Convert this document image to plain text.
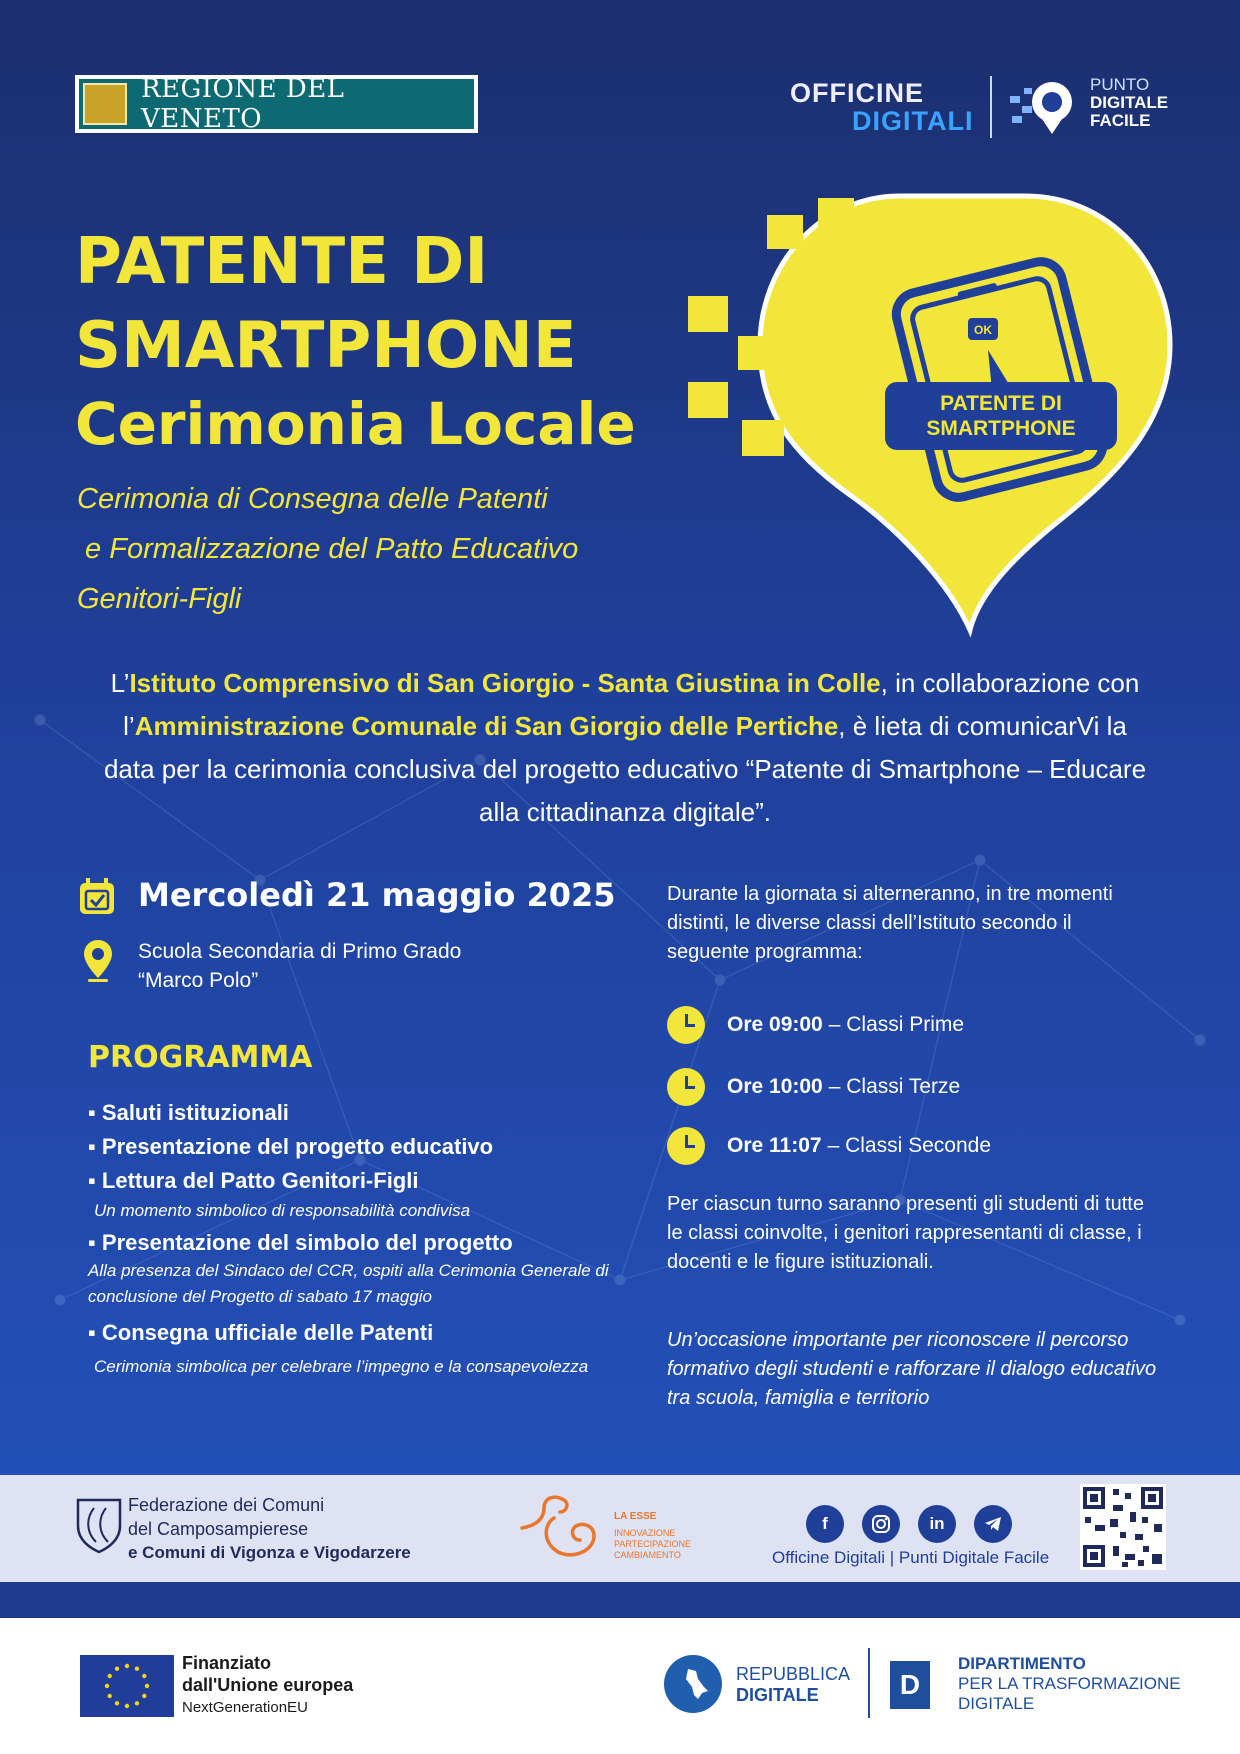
REGIONE DEL VENETO
OFFICINE
DIGITALI
PUNTO
DIGITALE
FACILE
PATENTE DI
SMARTPHONE
Cerimonia Locale
Cerimonia di Consegna delle Patenti
e Formalizzazione del Patto Educativo
Genitori-Figli
OK
PATENTE DI
SMARTPHONE
L’Istituto Comprensivo di San Giorgio - Santa Giustina in Colle, in collaborazione con l’Amministrazione Comunale di San Giorgio delle Pertiche, è lieta di comunicarVi la data per la cerimonia conclusiva del progetto educativo “Patente di Smartphone – Educare alla cittadinanza digitale”.
Mercoledì 21 maggio 2025
Scuola Secondaria di Primo Grado
“Marco Polo”
PROGRAMMA
▪ Saluti istituzionali
▪ Presentazione del progetto educativo
▪ Lettura del Patto Genitori-Figli
Un momento simbolico di responsabilità condivisa
▪ Presentazione del simbolo del progetto
Alla presenza del Sindaco del CCR, ospiti alla Cerimonia Generale di conclusione del Progetto di sabato 17 maggio
▪ Consegna ufficiale delle Patenti
Cerimonia simbolica per celebrare l’impegno e la consapevolezza
Durante la giornata si alterneranno, in tre momenti distinti, le diverse classi dell’Istituto secondo il seguente programma:
Ore 09:00 – Classi Prime
Ore 10:00 – Classi Terze
Ore 11:07 – Classi Seconde
Per ciascun turno saranno presenti gli studenti di tutte le classi coinvolte, i genitori rappresentanti di classe, i docenti e le figure istituzionali.
Un’occasione importante per riconoscere il percorso formativo degli studenti e rafforzare il dialogo educativo tra scuola, famiglia e territorio
Federazione dei Comuni
del Camposampierese
e Comuni di Vigonza e Vigodarzere
LA ESSE
INNOVAZIONE
PARTECIPAZIONE
CAMBIAMENTO
f	in
Officine Digitali | Punti Digitale Facile
Finanziato
dall'Unione europea
NextGenerationEU
REPUBBLICA
DIGITALE	D
DIPARTIMENTO
PER LA TRASFORMAZIONE
DIGITALE
